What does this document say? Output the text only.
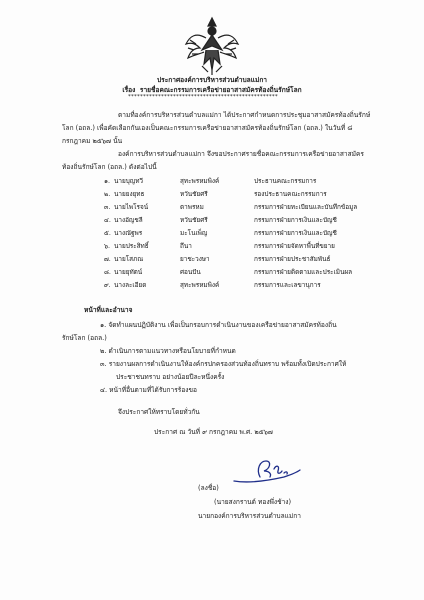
ประกาศองค์การบริหารส่วนตำบลแม่กา
เรื่อง รายชื่อคณะกรรมการเครือข่ายอาสาสมัครท้องถิ่นรักษ์โลก
**************************************************
ตามที่องค์การบริหารส่วนตำบลแม่กา ได้ประกาศกำหนดการประชุมอาสาสมัครท้องถิ่นรักษ์
โลก (อถล.) เพื่อคัดเลือกกันเองเป็นคณะกรรมการเครือข่ายอาสาสมัครท้องถิ่นรักษ์โลก (อถล.) ในวันที่ ๘
กรกฎาคม ๒๕๖๗ นั้น
องค์การบริหารส่วนตำบลแม่กา จึงขอประกาศรายชื่อคณะกรรมการเครือข่ายอาสาสมัคร
ท้องถิ่นรักษ์โลก (อถล.) ดังต่อไปนี้
๑. นายบุญทวี	สุทะพรหมพิงค์	ประธานคณะกรรมการ
๒. นายยงยุทธ	หวันชัยศรี	รองประธานคณะกรรมการ
๓. นายไพโรจน์	ตาพรหม	กรรมการฝ่ายทะเบียนและบันทึกข้อมูล
๔. นางอัญชลี	หวันชัยศรี	กรรมการฝ่ายการเงินและบัญชี
๕. นางณัฐพร	มะโนเพ็ญ	กรรมการฝ่ายการเงินและบัญชี
๖. นายประสิทธิ์	ถึนา	กรรมการฝ่ายจัดหาพื้นที่ขยาย
๗. นายโสภณ	ยาชะวงษา	กรรมการฝ่ายประชาสัมพันธ์
๘. นายยุทัตน์	ศอนปัน	กรรมการฝ่ายติดตามและประเมินผล
๙. นางละเอียด	สุทะพรหมพิงค์	กรรมการและเลขานุการ
หน้าที่และอำนาจ
๑. จัดทำแผนปฏิบัติงาน เพื่อเป็นกรอบการดำเนินงานของเครือข่ายอาสาสมัครท้องถิ่น
รักษ์โลก (อถล.)
๒. ดำเนินการตามแนวทางหรือนโยบายที่กำหนด
๓. รายงานผลการดำเนินงานให้องค์กรปกครองส่วนท้องถิ่นทราบ พร้อมทั้งเปิดประกาศให้
ประชาชนทราบ อย่างน้อยปีละหนึ่งครั้ง
๔. หน้าที่อื่นตามที่ได้รับการร้องขอ
จึงประกาศให้ทราบโดยทั่วกัน
ประกาศ ณ วันที่ ๙ กรกฎาคม พ.ศ. ๒๕๖๗
(ลงชื่อ)
(นายสงกรานต์ ทองพึ่งช้าง)
นายกองค์การบริหารส่วนตำบลแม่กา
